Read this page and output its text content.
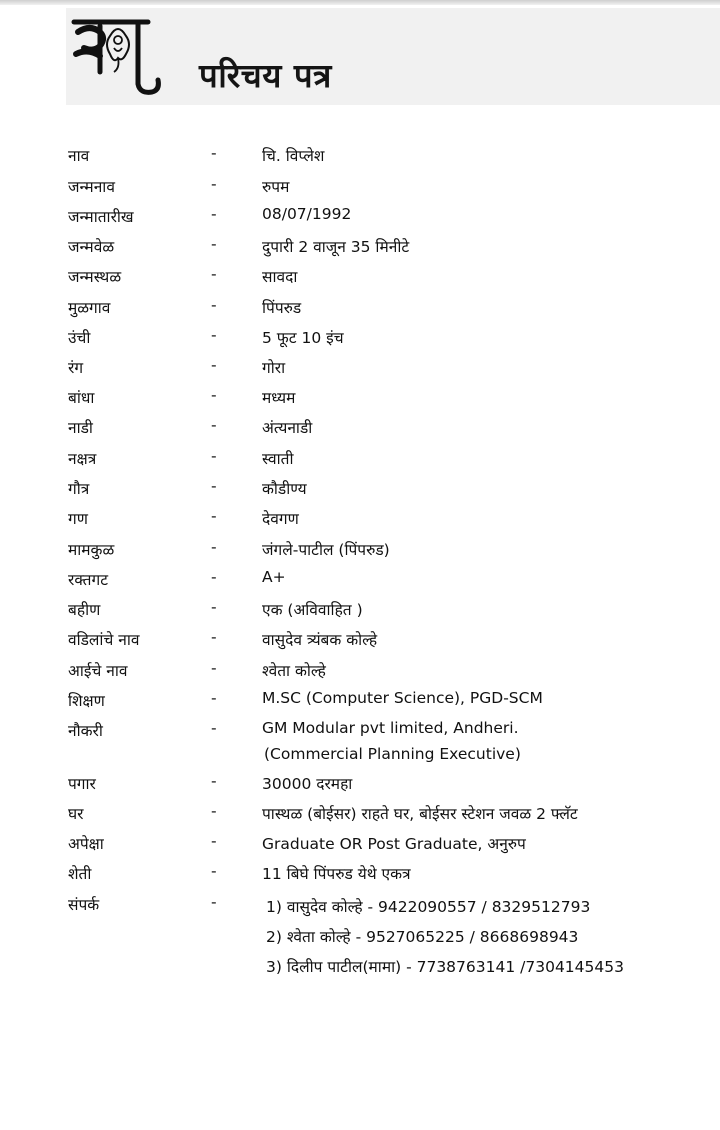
परिचय पत्र
नाव	-	चि. विप्लेश
जन्मनाव	-	रुपम
जन्मातारीख	-	08/07/1992
जन्मवेळ	-	दुपारी 2 वाजून 35 मिनीटे
जन्मस्थळ	-	सावदा
मुळगाव	-	पिंपरुड
उंची	-	5 फूट 10 इंच
रंग	-	गोरा
बांधा	-	मध्यम
नाडी	-	अंत्यनाडी
नक्षत्र	-	स्वाती
गौत्र	-	कौडीण्य
गण	-	देवगण
मामकुळ	-	जंगले-पाटील (पिंपरुड)
रक्तगट	-	A+
बहीण	-	एक (अविवाहित )
वडिलांचे नाव	-	वासुदेव त्र्यंबक कोल्हे
आईचे नाव	-	श्वेता कोल्हे
शिक्षण	-	M.SC (Computer Science), PGD-SCM
नौकरी	-	GM Modular pvt limited, Andheri.
(Commercial Planning Executive)
पगार	-	30000 दरमहा
घर	-	पास्थळ (बोईसर) राहते घर, बोईसर स्टेशन जवळ 2 फ्लॅट
अपेक्षा	-	Graduate OR Post Graduate, अनुरुप
शेती	-	11 बिघे पिंपरुड येथे एकत्र
संपर्क	-	1) वासुदेव कोल्हे - 9422090557 / 8329512793
2) श्वेता कोल्हे - 9527065225 / 8668698943
3) दिलीप पाटील(मामा) - 7738763141 /7304145453
